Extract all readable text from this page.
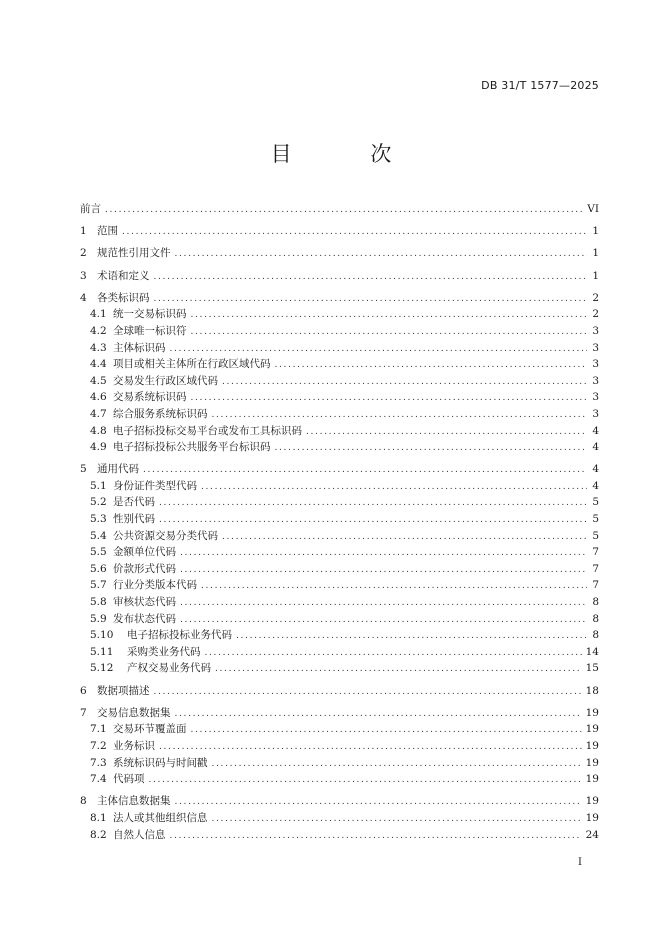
DB 31/T 1577—2025
目 次
前言 . . .	VI
1 范围 . . .	1
2 规范性引用文件 . . .	1
3 术语和定义 . . .	1
4 各类标识码 . . .	2
4.1 统一交易标识码 . . .	2
4.2 全球唯一标识符 . . .	3
4.3 主体标识码 . . .	3
4.4 项目或相关主体所在行政区域代码 . . .	3
4.5 交易发生行政区域代码 . . .	3
4.6 交易系统标识码 . . .	3
4.7 综合服务系统标识码 . . .	3
4.8 电子招标投标交易平台或发布工具标识码 . . .	4
4.9 电子招标投标公共服务平台标识码 . . .	4
5 通用代码 . . .	4
5.1 身份证件类型代码 . . .	4
5.2 是否代码 . . .	5
5.3 性别代码 . . .	5
5.4 公共资源交易分类代码 . . .	5
5.5 金额单位代码 . . .	7
5.6 价款形式代码 . . .	7
5.7 行业分类版本代码 . . .	7
5.8 审核状态代码 . . .	8
5.9 发布状态代码 . . .	8
5.10	电子招标投标业务代码 . . .	8
5.11	采购类业务代码 . . .	14
5.12	产权交易业务代码 . . .	15
6 数据项描述 . . .	18
7 交易信息数据集 . . .	19
7.1 交易环节覆盖面 . . .	19
7.2 业务标识 . . .	19
7.3 系统标识码与时间戳 . . .	19
7.4 代码项 . . .	19
8 主体信息数据集 . . .	19
8.1 法人或其他组织信息 . . .	19
8.2 自然人信息 . . .	24
I
